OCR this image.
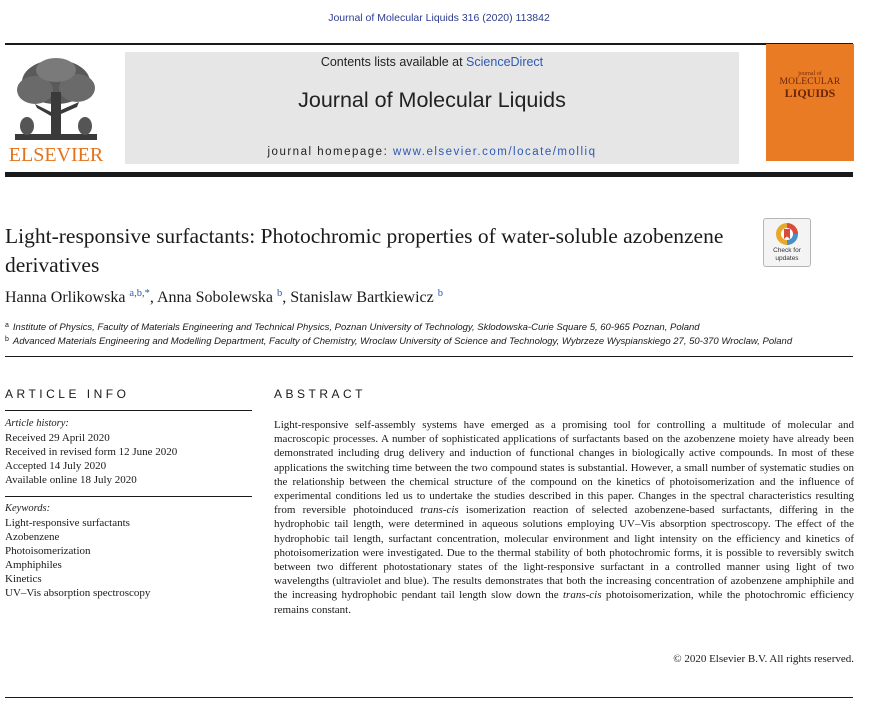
Journal of Molecular Liquids 316 (2020) 113842
ELSEVIER
Contents lists available at ScienceDirect
Journal of Molecular Liquids
journal homepage: www.elsevier.com/locate/molliq
journal of
MOLECULAR
LIQUIDS
Light-responsive surfactants: Photochromic properties of water-soluble azobenzene derivatives
Check for
updates
Hanna Orlikowska $^{a,b,*}$, Anna Sobolewska $^b$, Stanislaw Bartkiewicz $^b$
$^a$ Institute of Physics, Faculty of Materials Engineering and Technical Physics, Poznan University of Technology, Sklodowska-Curie Square 5, 60-965 Poznan, Poland
$^b$ Advanced Materials Engineering and Modelling Department, Faculty of Chemistry, Wroclaw University of Science and Technology, Wybrzeze Wyspianskiego 27, 50-370 Wroclaw, Poland
ARTICLE INFO
Article history:
Received 29 April 2020
Received in revised form 12 June 2020
Accepted 14 July 2020
Available online 18 July 2020
Keywords:
Light-responsive surfactants
Azobenzene
Photoisomerization
Amphiphiles
Kinetics
UV–Vis absorption spectroscopy
ABSTRACT

Light-responsive self-assembly systems have emerged as a promising tool for controlling a multitude of molecular and macroscopic processes. A number of sophisticated applications of surfactants based on the azobenzene moiety have already been demonstrated including drug delivery and induction of functional changes in biologically active compounds. In most of these applications the switching time between the two compound states is substantial. However, a small number of systematic studies on the relationship between the chemical structure of the compound on the kinetics of photoisomerization and the influence of experimental conditions led us to undertake the studies described in this paper. Changes in the spectral characteristics resulting from reversible photoinduced trans-cis isomerization reaction of selected azobenzene-based surfactants, differing in the hydrophobic tail length, were determined in aqueous solutions employing UV–Vis absorption spectroscopy. The effect of the hydrophobic tail length, surfactant concentration, molecular environment and light intensity on the efficiency and kinetics of photoisomerization were investigated. Due to the thermal stability of both photochromic forms, it is possible to reversibly switch between two different photostationary states of the light-responsive surfactant in a controlled manner using light of two wavelengths (ultraviolet and blue). The results demonstrates that both the increasing concentration of azobenzene amphiphile and the increasing hydrophobic pendant tail length slow down the trans-cis photoisomerization, while the photochromic efficiency remains constant.

© 2020 Elsevier B.V. All rights reserved.
